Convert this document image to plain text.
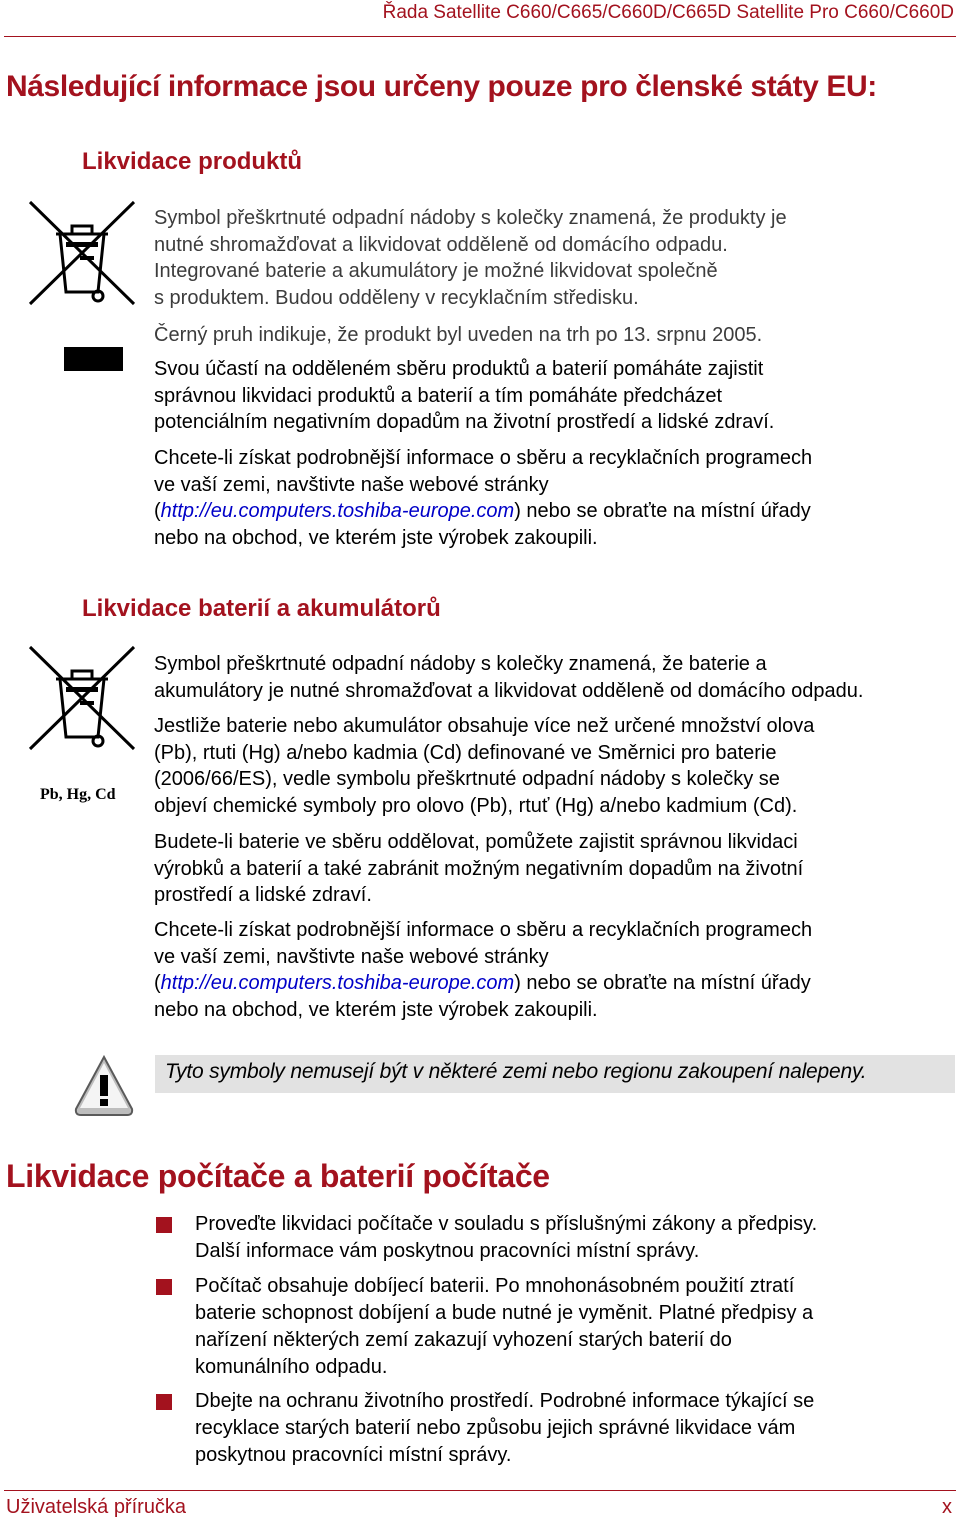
Řada Satellite C660/C665/C660D/C665D Satellite Pro C660/C660D
Následující informace jsou určeny pouze pro členské státy EU:
Likvidace produktů
Symbol přeškrtnuté odpadní nádoby s kolečky znamená, že produkty je
nutné shromažďovat a likvidovat odděleně od domácího odpadu.
Integrované baterie a akumulátory je možné likvidovat společně
s produktem. Budou odděleny v recyklačním středisku.
Černý pruh indikuje, že produkt byl uveden na trh po 13. srpnu 2005.
Svou účastí na odděleném sběru produktů a baterií pomáháte zajistit
správnou likvidaci produktů a baterií a tím pomáháte předcházet
potenciálním negativním dopadům na životní prostředí a lidské zdraví.
Chcete-li získat podrobnější informace o sběru a recyklačních programech
ve vaší zemi, navštivte naše webové stránky
(http://eu.computers.toshiba-europe.com) nebo se obraťte na místní úřady
nebo na obchod, ve kterém jste výrobek zakoupili.
Likvidace baterií a akumulátorů
Pb, Hg, Cd
Symbol přeškrtnuté odpadní nádoby s kolečky znamená, že baterie a
akumulátory je nutné shromažďovat a likvidovat odděleně od domácího odpadu.
Jestliže baterie nebo akumulátor obsahuje více než určené množství olova
(Pb), rtuti (Hg) a/nebo kadmia (Cd) definované ve Směrnici pro baterie
(2006/66/ES), vedle symbolu přeškrtnuté odpadní nádoby s kolečky se
objeví chemické symboly pro olovo (Pb), rtuť (Hg) a/nebo kadmium (Cd).
Budete-li baterie ve sběru oddělovat, pomůžete zajistit správnou likvidaci
výrobků a baterií a také zabránit možným negativním dopadům na životní
prostředí a lidské zdraví.
Chcete-li získat podrobnější informace o sběru a recyklačních programech
ve vaší zemi, navštivte naše webové stránky
(http://eu.computers.toshiba-europe.com) nebo se obraťte na místní úřady
nebo na obchod, ve kterém jste výrobek zakoupili.
Tyto symboly nemusejí být v některé zemi nebo regionu zakoupení nalepeny.
Likvidace počítače a baterií počítače
Proveďte likvidaci počítače v souladu s příslušnými zákony a předpisy.
Další informace vám poskytnou pracovníci místní správy.
Počítač obsahuje dobíjecí baterii. Po mnohonásobném použití ztratí
baterie schopnost dobíjení a bude nutné je vyměnit. Platné předpisy a
nařízení některých zemí zakazují vyhození starých baterií do
komunálního odpadu.
Dbejte na ochranu životního prostředí. Podrobné informace týkající se
recyklace starých baterií nebo způsobu jejich správné likvidace vám
poskytnou pracovníci místní správy.
Uživatelská příručka	x
